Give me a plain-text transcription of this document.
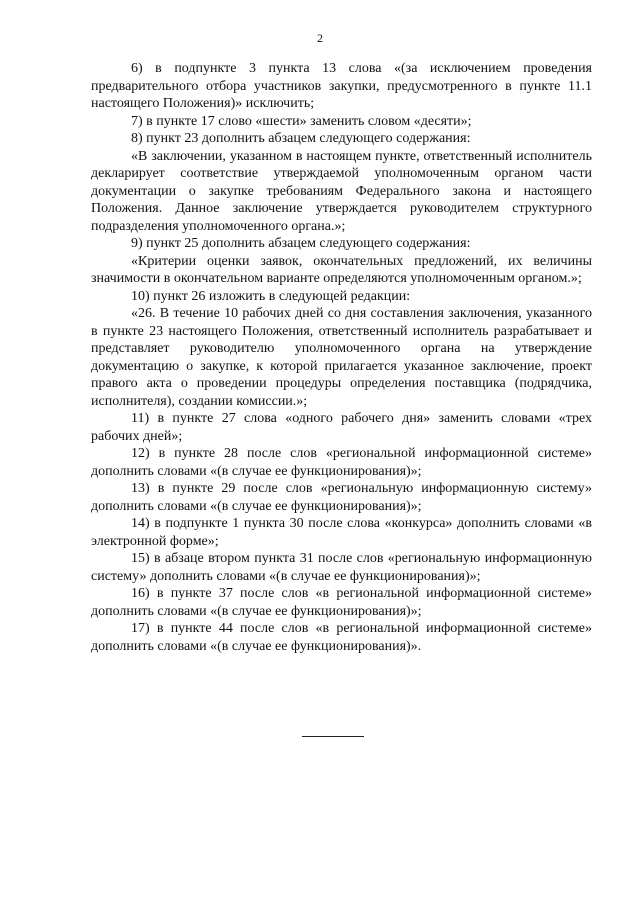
2

6) в подпункте 3 пункта 13 слова «(за исключением проведения предварительного отбора участников закупки, предусмотренного в пункте 11.1 настоящего Положения)» исключить;

7) в пункте 17 слово «шести» заменить словом «десяти»;

8) пункт 23 дополнить абзацем следующего содержания:

«В заключении, указанном в настоящем пункте, ответственный исполнитель декларирует соответствие утверждаемой уполномоченным органом части документации о закупке требованиям Федерального закона и настоящего Положения. Данное заключение утверждается руководителем структурного подразделения уполномоченного органа.»;

9) пункт 25 дополнить абзацем следующего содержания:

«Критерии оценки заявок, окончательных предложений, их величины значимости в окончательном варианте определяются уполномоченным органом.»;

10) пункт 26 изложить в следующей редакции:

«26. В течение 10 рабочих дней со дня составления заключения, указанного в пункте 23 настоящего Положения, ответственный исполнитель разрабатывает и представляет руководителю уполномоченного органа на утверждение документацию о закупке, к которой прилагается указанное заключение, проект правого акта о проведении процедуры определения поставщика (подрядчика, исполнителя), создании комиссии.»;

11) в пункте 27 слова «одного рабочего дня» заменить словами «трех рабочих дней»;

12) в пункте 28 после слов «региональной информационной системе» дополнить словами «(в случае ее функционирования)»;

13) в пункте 29 после слов «региональную информационную систему» дополнить словами «(в случае ее функционирования)»;

14) в подпункте 1 пункта 30 после слова «конкурса» дополнить словами «в электронной форме»;

15) в абзаце втором пункта 31 после слов «региональную информационную систему» дополнить словами «(в случае ее функционирования)»;

16) в пункте 37 после слов «в региональной информационной системе» дополнить словами «(в случае ее функционирования)»;

17) в пункте 44 после слов «в региональной информационной системе» дополнить словами «(в случае ее функционирования)».
